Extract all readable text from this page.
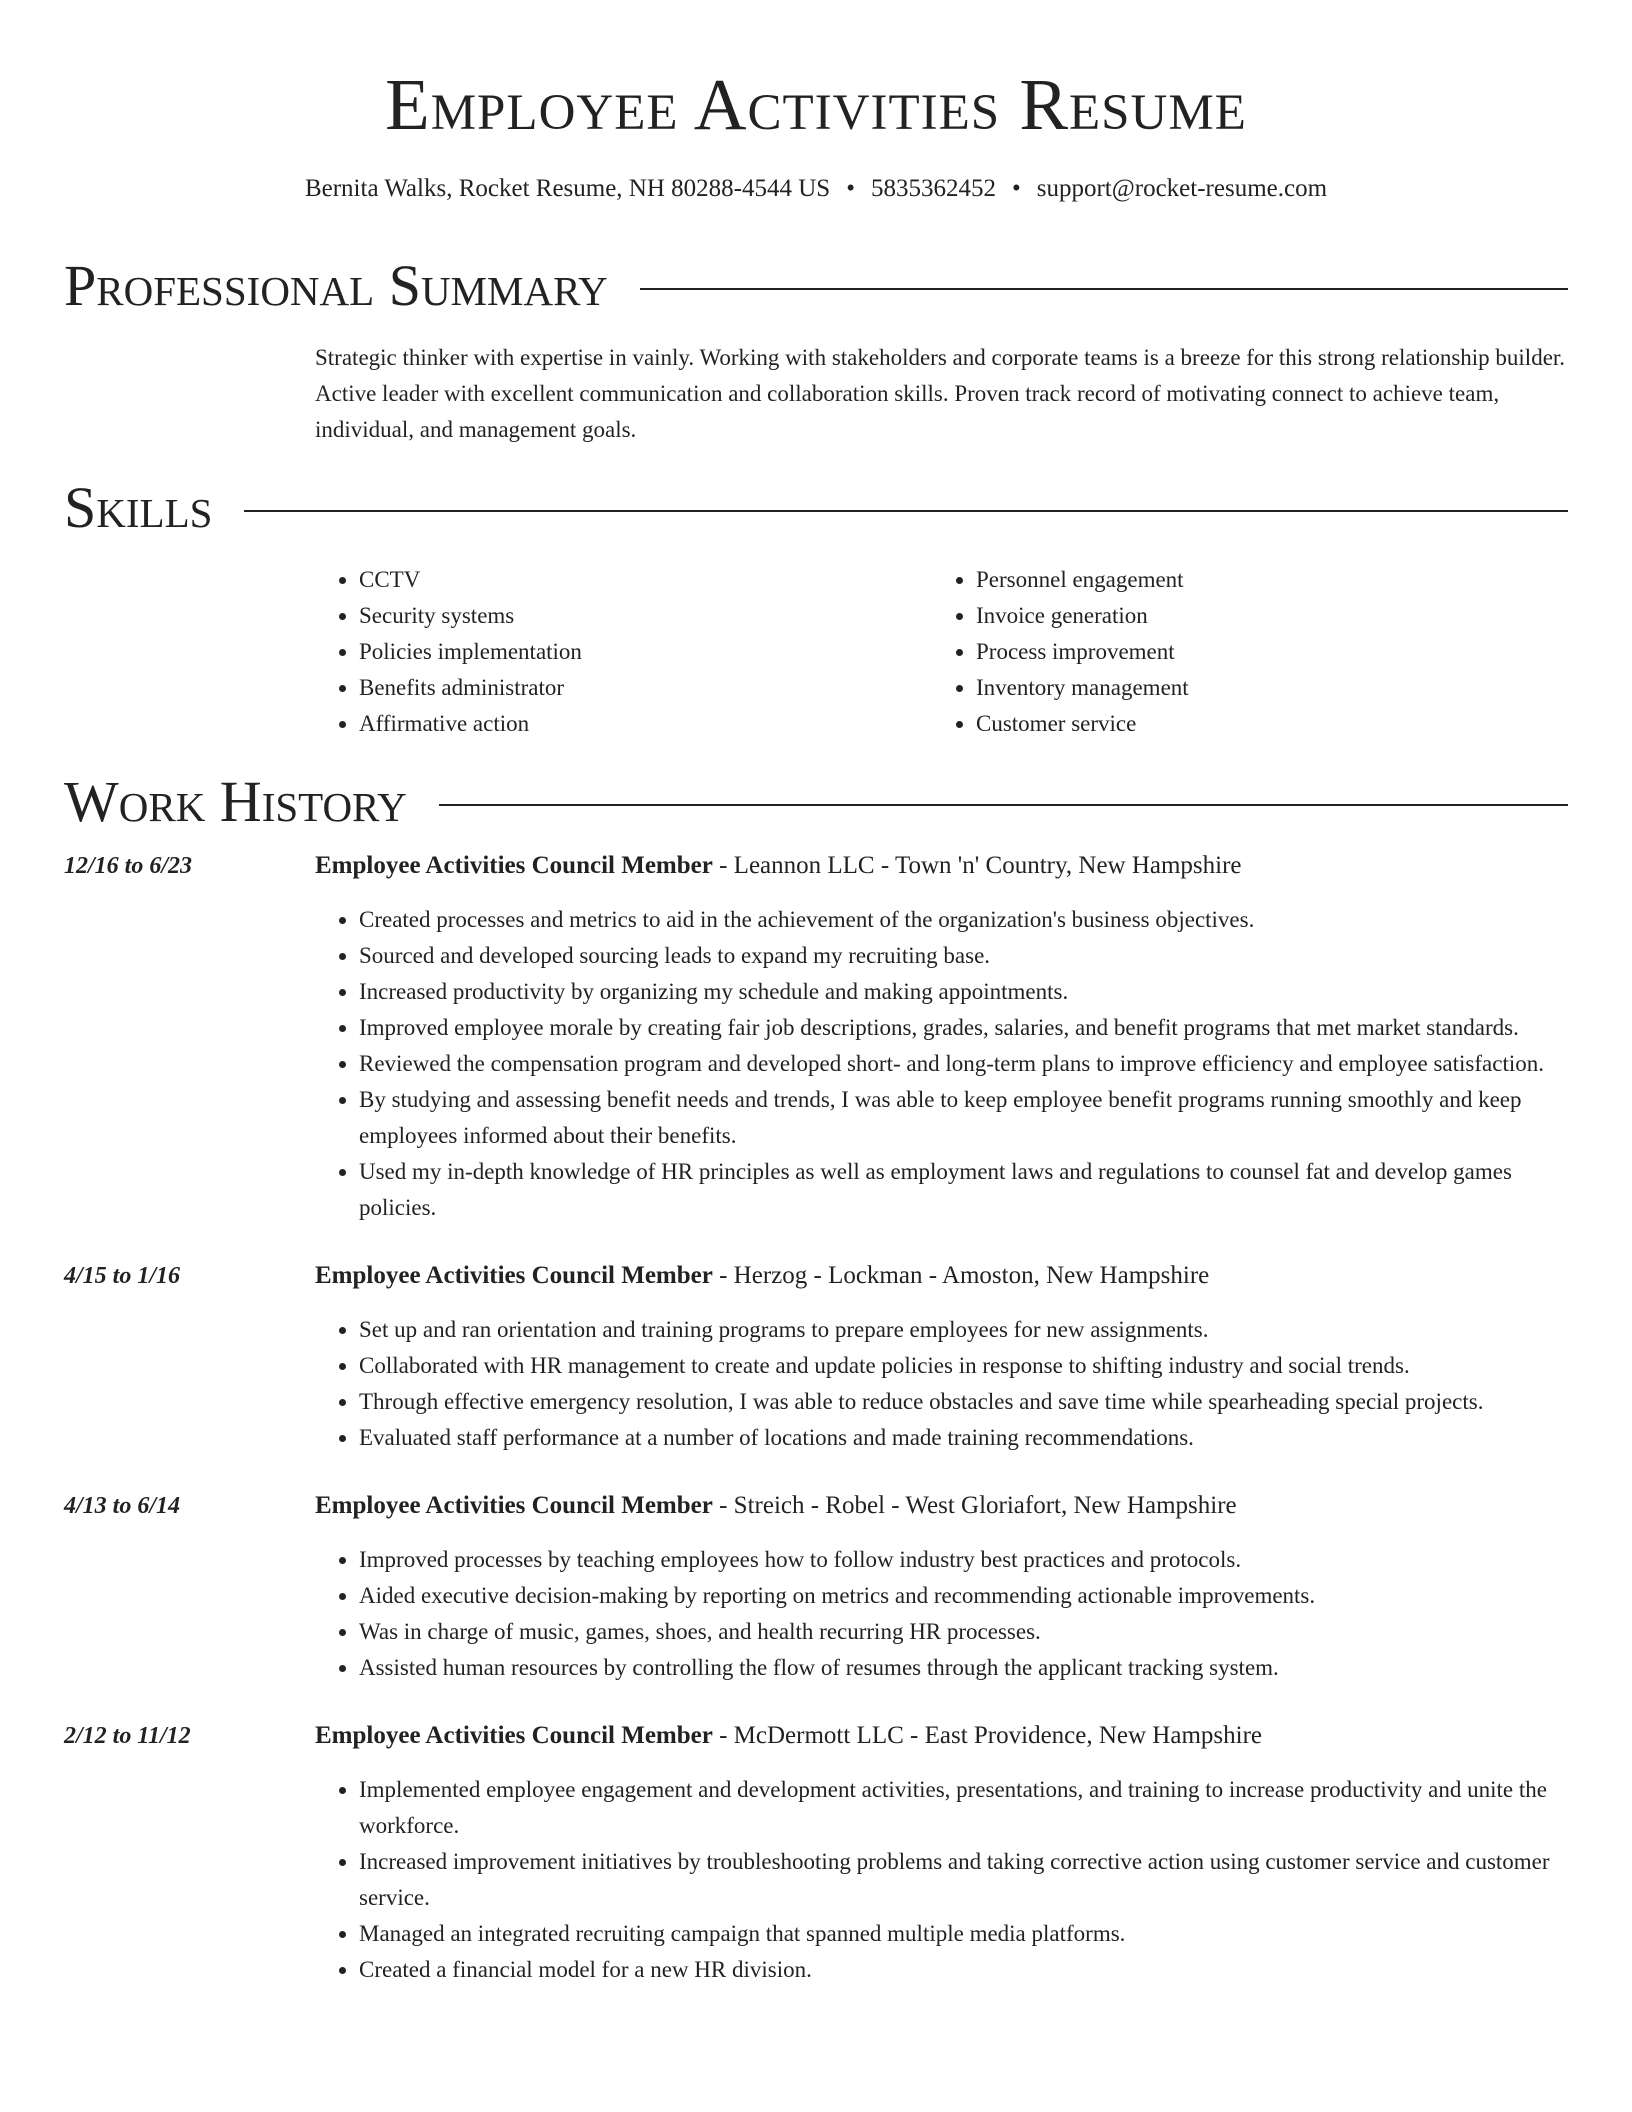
Employee Activities Resume
Bernita Walks, Rocket Resume, NH 80288-4544 US • 5835362452 • support@rocket-resume.com
Professional Summary
Strategic thinker with expertise in vainly. Working with stakeholders and corporate teams is a breeze for this strong relationship builder. Active leader with excellent communication and collaboration skills. Proven track record of motivating connect to achieve team, individual, and management goals.
Skills
• CCTV
• Security systems
• Policies implementation
• Benefits administrator
• Affirmative action
• Personnel engagement
• Invoice generation
• Process improvement
• Inventory management
• Customer service
Work History
12/16 to 6/23	Employee Activities Council Member - Leannon LLC - Town 'n' Country, New Hampshire
• Created processes and metrics to aid in the achievement of the organization's business objectives.
• Sourced and developed sourcing leads to expand my recruiting base.
• Increased productivity by organizing my schedule and making appointments.
• Improved employee morale by creating fair job descriptions, grades, salaries, and benefit programs that met market standards.
• Reviewed the compensation program and developed short- and long-term plans to improve efficiency and employee satisfaction.
• By studying and assessing benefit needs and trends, I was able to keep employee benefit programs running smoothly and keep employees informed about their benefits.
• Used my in-depth knowledge of HR principles as well as employment laws and regulations to counsel fat and develop games policies.
4/15 to 1/16	Employee Activities Council Member - Herzog - Lockman - Amoston, New Hampshire
• Set up and ran orientation and training programs to prepare employees for new assignments.
• Collaborated with HR management to create and update policies in response to shifting industry and social trends.
• Through effective emergency resolution, I was able to reduce obstacles and save time while spearheading special projects.
• Evaluated staff performance at a number of locations and made training recommendations.
4/13 to 6/14	Employee Activities Council Member - Streich - Robel - West Gloriafort, New Hampshire
• Improved processes by teaching employees how to follow industry best practices and protocols.
• Aided executive decision-making by reporting on metrics and recommending actionable improvements.
• Was in charge of music, games, shoes, and health recurring HR processes.
• Assisted human resources by controlling the flow of resumes through the applicant tracking system.
2/12 to 11/12	Employee Activities Council Member - McDermott LLC - East Providence, New Hampshire
• Implemented employee engagement and development activities, presentations, and training to increase productivity and unite the workforce.
• Increased improvement initiatives by troubleshooting problems and taking corrective action using customer service and customer service.
• Managed an integrated recruiting campaign that spanned multiple media platforms.
• Created a financial model for a new HR division.
